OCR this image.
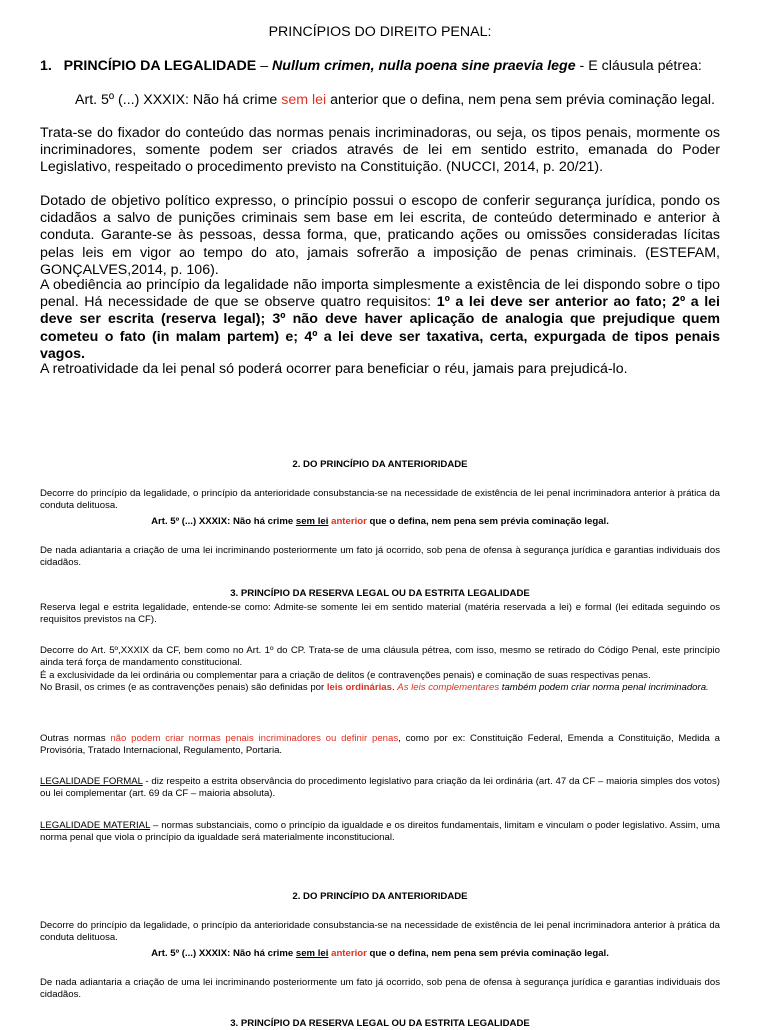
PRINCÍPIOS DO DIREITO PENAL:

1. PRINCÍPIO DA LEGALIDADE – Nullum crimen, nulla poena sine praevia lege - E cláusula pétrea:

Art. 5º (...) XXXIX: Não há crime sem lei anterior que o defina, nem pena sem prévia cominação legal.

Trata-se do fixador do conteúdo das normas penais incriminadoras, ou seja, os tipos penais, mormente os incriminadores, somente podem ser criados através de lei em sentido estrito, emanada do Poder Legislativo, respeitado o procedimento previsto na Constituição. (NUCCI, 2014, p. 20/21).

Dotado de objetivo político expresso, o princípio possui o escopo de conferir segurança jurídica, pondo os cidadãos a salvo de punições criminais sem base em lei escrita, de conteúdo determinado e anterior à conduta. Garante-se às pessoas, dessa forma, que, praticando ações ou omissões consideradas lícitas pelas leis em vigor ao tempo do ato, jamais sofrerão a imposição de penas criminais. (ESTEFAM, GONÇALVES,2014, p. 106).

A obediência ao princípio da legalidade não importa simplesmente a existência de lei dispondo sobre o tipo penal. Há necessidade de que se observe quatro requisitos: 1º a lei deve ser anterior ao fato; 2º a lei deve ser escrita (reserva legal); 3º não deve haver aplicação de analogia que prejudique quem cometeu o fato (in malam partem) e; 4º a lei deve ser taxativa, certa, expurgada de tipos penais vagos.

A retroatividade da lei penal só poderá ocorrer para beneficiar o réu, jamais para prejudicá-lo.

2. DO PRINCÍPIO DA ANTERIORIDADE

Decorre do princípio da legalidade, o princípio da anterioridade consubstancia-se na necessidade de existência de lei penal incriminadora anterior à prática da conduta delituosa.

Art. 5º (...) XXXIX: Não há crime sem lei anterior que o defina, nem pena sem prévia cominação legal.

De nada adiantaria a criação de uma lei incriminando posteriormente um fato já ocorrido, sob pena de ofensa à segurança jurídica e garantias individuais dos cidadãos.

3. PRINCÍPIO DA RESERVA LEGAL OU DA ESTRITA LEGALIDADE

Reserva legal e estrita legalidade, entende-se como: Admite-se somente lei em sentido material (matéria reservada a lei) e formal (lei editada seguindo os requisitos previstos na CF).

Decorre do Art. 5º,XXXIX da CF, bem como no Art. 1º do CP. Trata-se de uma cláusula pétrea, com isso, mesmo se retirado do Código Penal, este princípio ainda terá força de mandamento constitucional.
É a exclusividade da lei ordinária ou complementar para a criação de delitos (e contravenções penais) e cominação de suas respectivas penas.
No Brasil, os crimes (e as contravenções penais) são definidas por leis ordinárias. As leis complementares também podem criar norma penal incriminadora.

Outras normas não podem criar normas penais incriminadores ou definir penas, como por ex: Constituição Federal, Emenda a Constituição, Medida a Provisória, Tratado Internacional, Regulamento, Portaria.

LEGALIDADE FORMAL - diz respeito a estrita observância do procedimento legislativo para criação da lei ordinária (art. 47 da CF – maioria simples dos votos) ou lei complementar (art. 69 da CF – maioria absoluta).

LEGALIDADE MATERIAL – normas substanciais, como o princípio da igualdade e os direitos fundamentais, limitam e vinculam o poder legislativo. Assim, uma norma penal que viola o princípio da igualdade será materialmente inconstitucional.

2. DO PRINCÍPIO DA ANTERIORIDADE

Decorre do princípio da legalidade, o princípio da anterioridade consubstancia-se na necessidade de existência de lei penal incriminadora anterior à prática da conduta delituosa.

Art. 5º (...) XXXIX: Não há crime sem lei anterior que o defina, nem pena sem prévia cominação legal.

De nada adiantaria a criação de uma lei incriminando posteriormente um fato já ocorrido, sob pena de ofensa à segurança jurídica e garantias individuais dos cidadãos.

3. PRINCÍPIO DA RESERVA LEGAL OU DA ESTRITA LEGALIDADE
